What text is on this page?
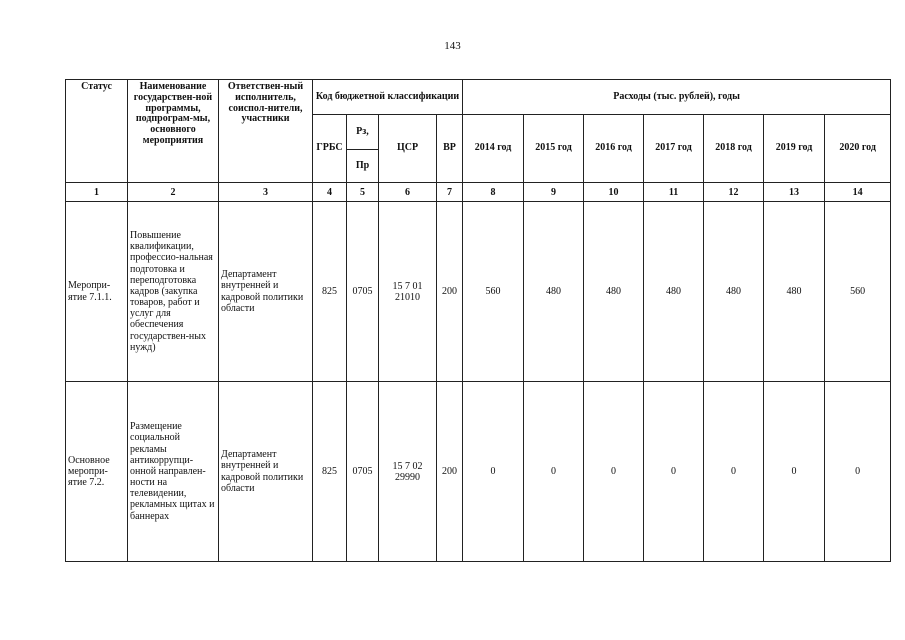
143
Статус	Наименование государствен-ной программы, подпрограм-мы, основного мероприятия	Ответствен-ный исполнитель, соиспол-нители, участники	Код бюджетной классификации				Расходы (тыс. рублей), годы						
			ГРБС	Рз,	ЦСР	ВР	2014 год	2015 год	2016 год	2017 год	2018 год	2019 год	2020 год
				Пр									
1	2	3	4	5	6	7	8	9	10	11	12	13	14
Меропри-ятие 7.1.1.	Повышение квалификации, профессио-нальная подготовка и переподготовка кадров (закупка товаров, работ и услуг для обеспечения государствен-ных нужд)	Департамент внутренней и кадровой политики области	825	0705	15 7 01 21010	200	560	480	480	480	480	480	560
Основное меропри-ятие 7.2.	Размещение социальной рекламы антикоррупци-онной направлен-ности на телевидении, рекламных щитах и баннерах	Департамент внутренней и кадровой политики области	825	0705	15 7 02 29990	200	0	0	0	0	0	0	0
